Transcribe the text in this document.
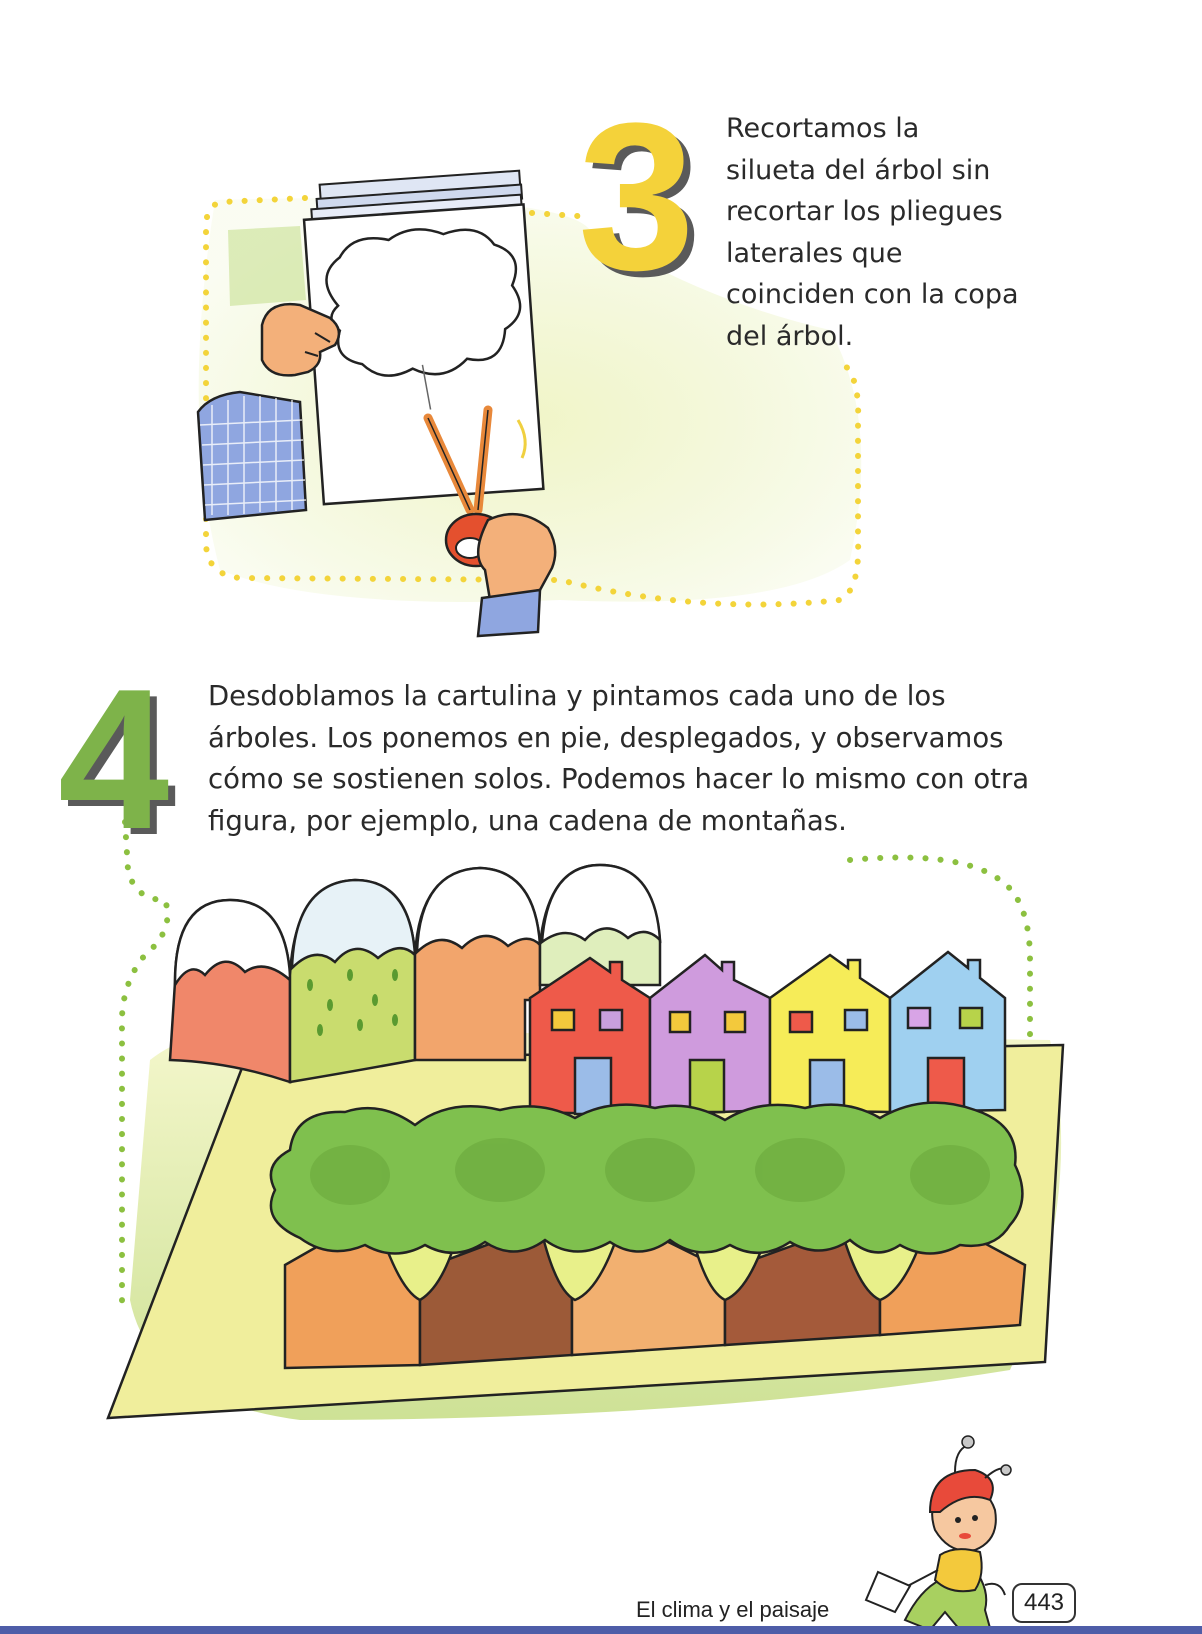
3 Recortamos la
silueta del árbol sin
recortar los pliegues
laterales que
coinciden con la copa
del árbol.
4 Desdoblamos la cartulina y pintamos cada uno de los
árboles. Los ponemos en pie, desplegados, y observamos
cómo se sostienen solos. Podemos hacer lo mismo con otra
figura, por ejemplo, una cadena de montañas.
El clima y el paisaje	443
